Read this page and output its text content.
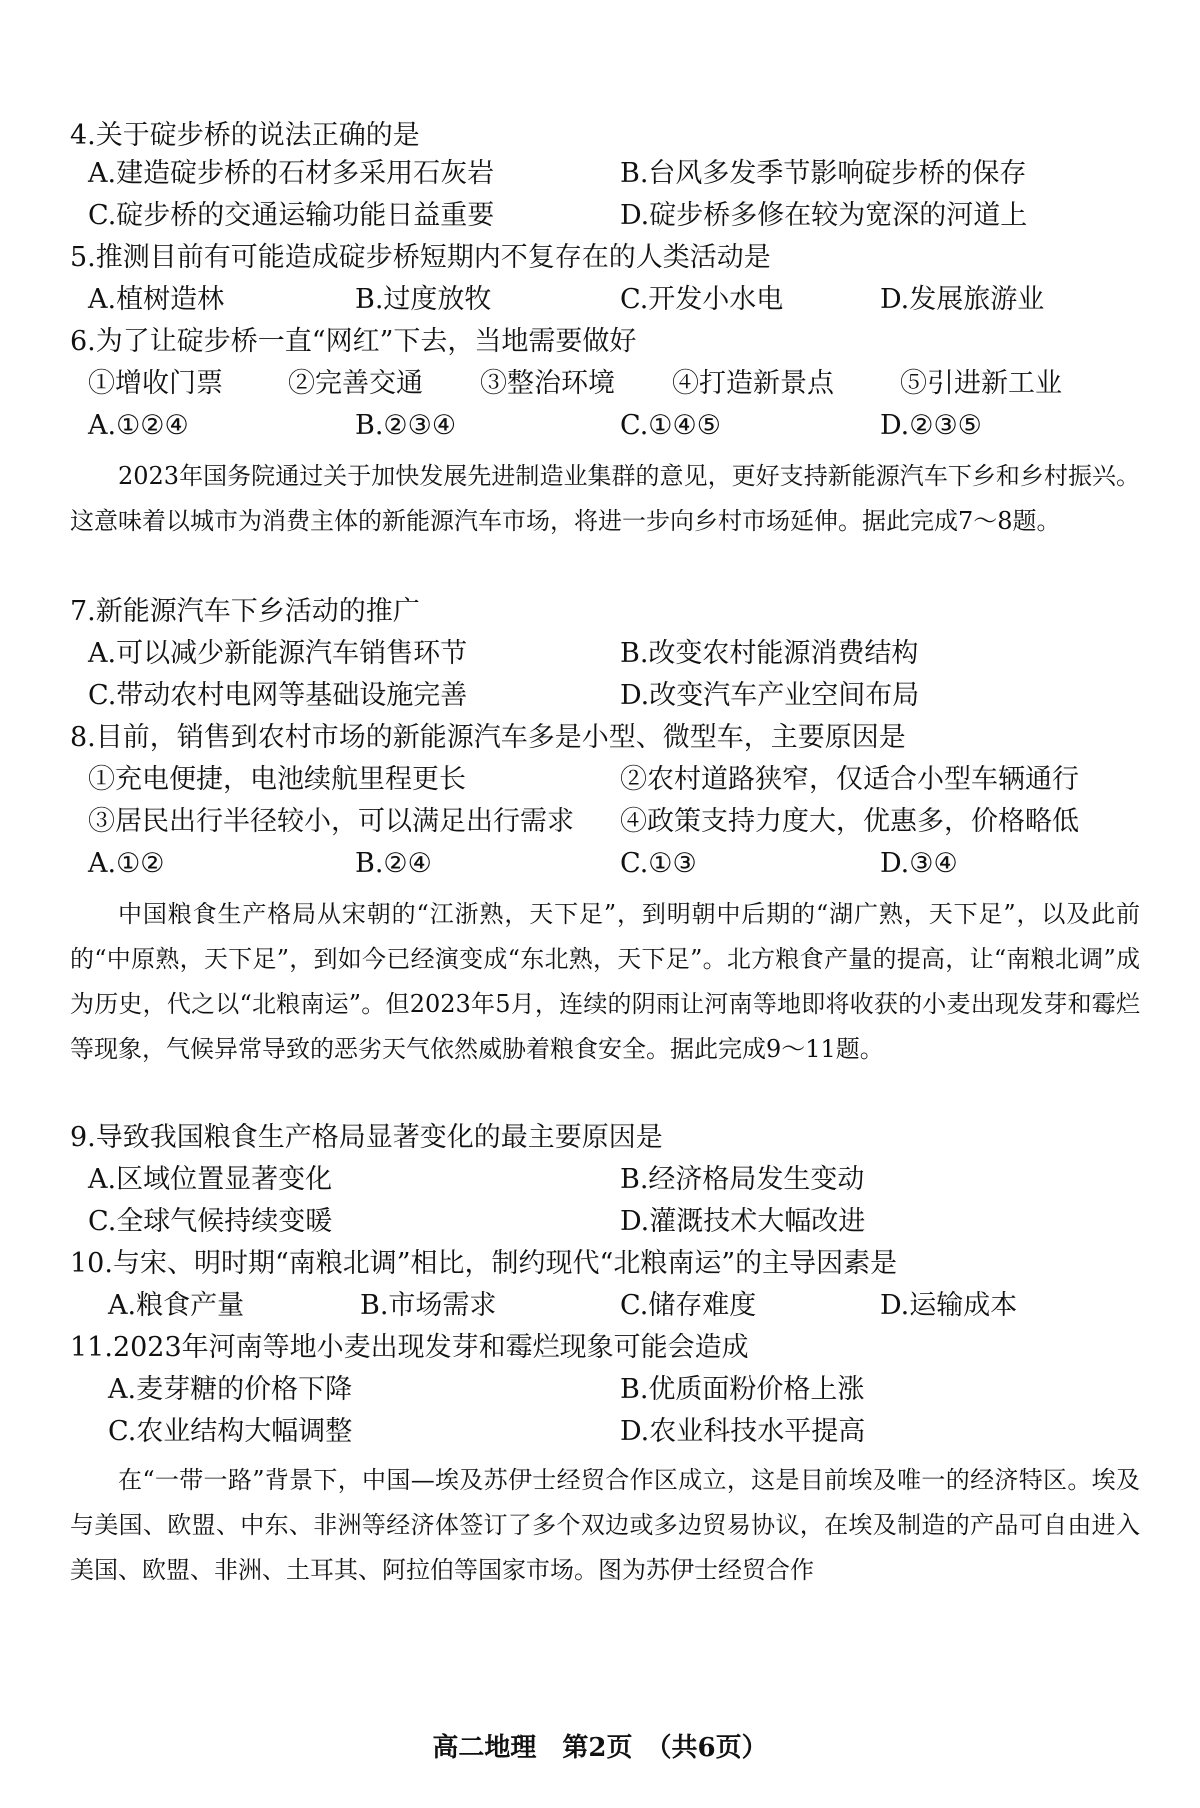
4.关于碇步桥的说法正确的是
A.建造碇步桥的石材多采用石灰岩	B.台风多发季节影响碇步桥的保存
C.碇步桥的交通运输功能日益重要	D.碇步桥多修在较为宽深的河道上
5.推测目前有可能造成碇步桥短期内不复存在的人类活动是
A.植树造林	B.过度放牧	C.开发小水电	D.发展旅游业
6.为了让碇步桥一直“网红”下去，当地需要做好
①增收门票 ②完善交通 ③整治环境 ④打造新景点 ⑤引进新工业
A.①②④	B.②③④	C.①④⑤	D.②③⑤
2023年国务院通过关于加快发展先进制造业集群的意见，更好支持新能源汽车下乡和乡村振兴。这意味着以城市为消费主体的新能源汽车市场，将进一步向乡村市场延伸。据此完成7～8题。
7.新能源汽车下乡活动的推广
A.可以减少新能源汽车销售环节	B.改变农村能源消费结构
C.带动农村电网等基础设施完善	D.改变汽车产业空间布局
8.目前，销售到农村市场的新能源汽车多是小型、微型车，主要原因是
①充电便捷，电池续航里程更长	②农村道路狭窄，仅适合小型车辆通行
③居民出行半径较小，可以满足出行需求 ④政策支持力度大，优惠多，价格略低
A.①②	B.②④	C.①③	D.③④
中国粮食生产格局从宋朝的“江浙熟，天下足”，到明朝中后期的“湖广熟，天下足”，以及此前的“中原熟，天下足”，到如今已经演变成“东北熟，天下足”。北方粮食产量的提高，让“南粮北调”成为历史，代之以“北粮南运”。但2023年5月，连续的阴雨让河南等地即将收获的小麦出现发芽和霉烂等现象，气候异常导致的恶劣天气依然威胁着粮食安全。据此完成9～11题。
9.导致我国粮食生产格局显著变化的最主要原因是
A.区域位置显著变化	B.经济格局发生变动
C.全球气候持续变暖	D.灌溉技术大幅改进
10.与宋、明时期“南粮北调”相比，制约现代“北粮南运”的主导因素是
A.粮食产量	B.市场需求	C.储存难度	D.运输成本
11.2023年河南等地小麦出现发芽和霉烂现象可能会造成
A.麦芽糖的价格下降	B.优质面粉价格上涨
C.农业结构大幅调整	D.农业科技水平提高
在“一带一路”背景下，中国—埃及苏伊士经贸合作区成立，这是目前埃及唯一的经济特区。埃及与美国、欧盟、中东、非洲等经济体签订了多个双边或多边贸易协议，在埃及制造的产品可自由进入美国、欧盟、非洲、土耳其、阿拉伯等国家市场。图为苏伊士经贸合作
高二地理　第2页　（共6页）
